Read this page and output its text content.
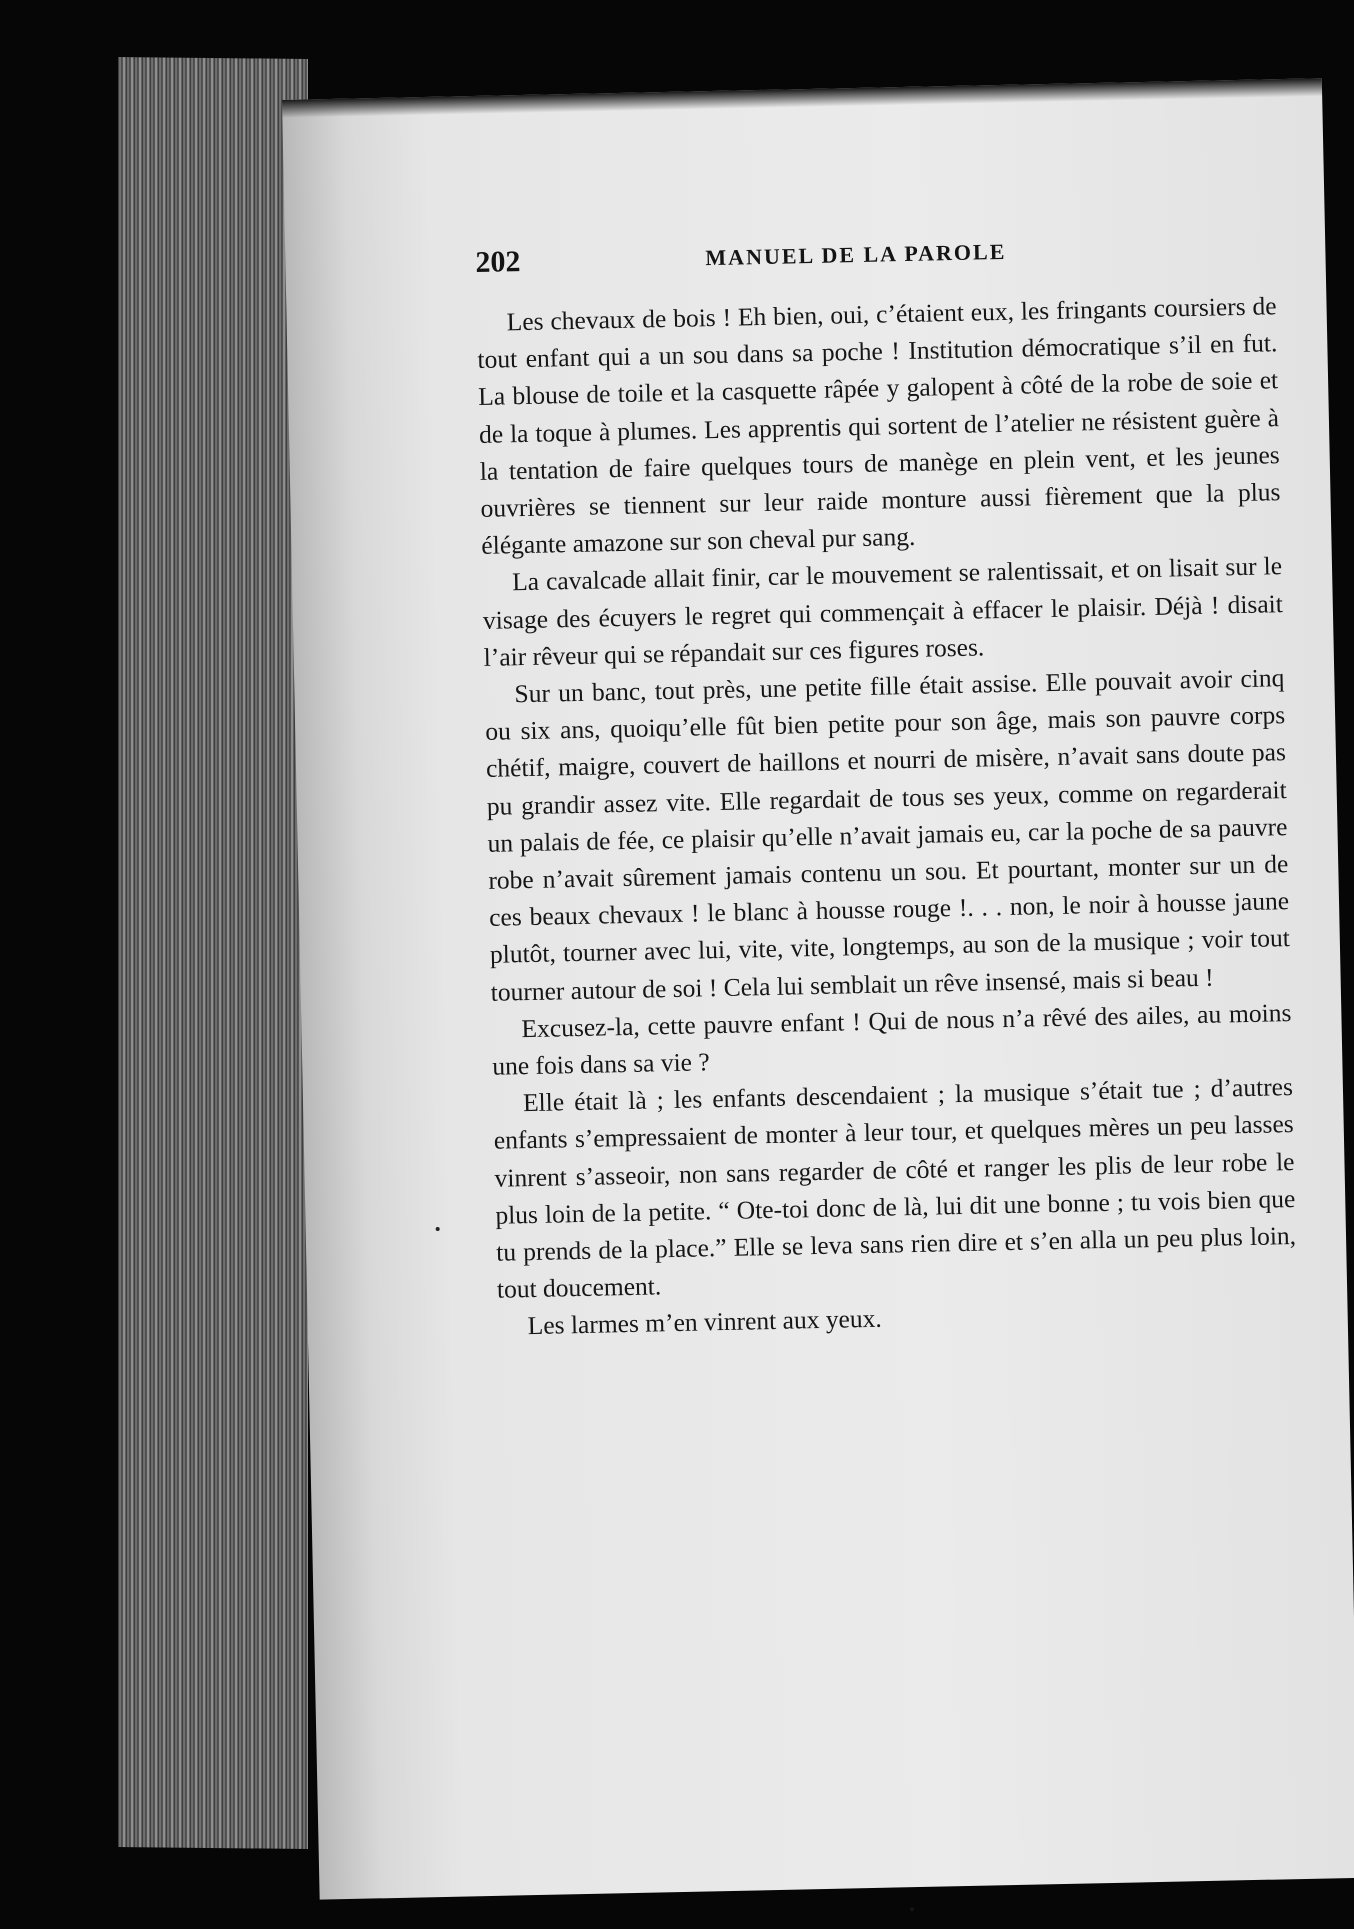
202	MANUEL DE LA PAROLE

Les chevaux de bois ! Eh bien, oui, c’étaient eux, les fringants coursiers de tout enfant qui a un sou dans sa poche ! Institution démocratique s’il en fut. La blouse de toile et la casquette râpée y galopent à côté de la robe de soie et de la toque à plumes. Les apprentis qui sortent de l’atelier ne résistent guère à la tentation de faire quelques tours de manège en plein vent, et les jeunes ouvrières se tiennent sur leur raide monture aussi fièrement que la plus élégante amazone sur son cheval pur sang.

La cavalcade allait finir, car le mouvement se ralentissait, et on lisait sur le visage des écuyers le regret qui commençait à effacer le plaisir. Déjà ! disait l’air rêveur qui se répandait sur ces figures roses.

Sur un banc, tout près, une petite fille était assise. Elle pouvait avoir cinq ou six ans, quoiqu’elle fût bien petite pour son âge, mais son pauvre corps chétif, maigre, couvert de haillons et nourri de misère, n’avait sans doute pas pu grandir assez vite. Elle regardait de tous ses yeux, comme on regarderait un palais de fée, ce plaisir qu’elle n’avait jamais eu, car la poche de sa pauvre robe n’avait sûrement jamais contenu un sou. Et pourtant, monter sur un de ces beaux chevaux ! le blanc à housse rouge !. . . non, le noir à housse jaune plutôt, tourner avec lui, vite, vite, longtemps, au son de la musique ; voir tout tourner autour de soi ! Cela lui semblait un rêve insensé, mais si beau !

Excusez-la, cette pauvre enfant ! Qui de nous n’a rêvé des ailes, au moins une fois dans sa vie ?

Elle était là ; les enfants descendaient ; la musique s’était tue ; d’autres enfants s’empressaient de monter à leur tour, et quelques mères un peu lasses vinrent s’asseoir, non sans regarder de côté et ranger les plis de leur robe le plus loin de la petite. “ Ote-toi donc de là, lui dit une bonne ; tu vois bien que tu prends de la place.” Elle se leva sans rien dire et s’en alla un peu plus loin, tout doucement.

Les larmes m’en vinrent aux yeux.
